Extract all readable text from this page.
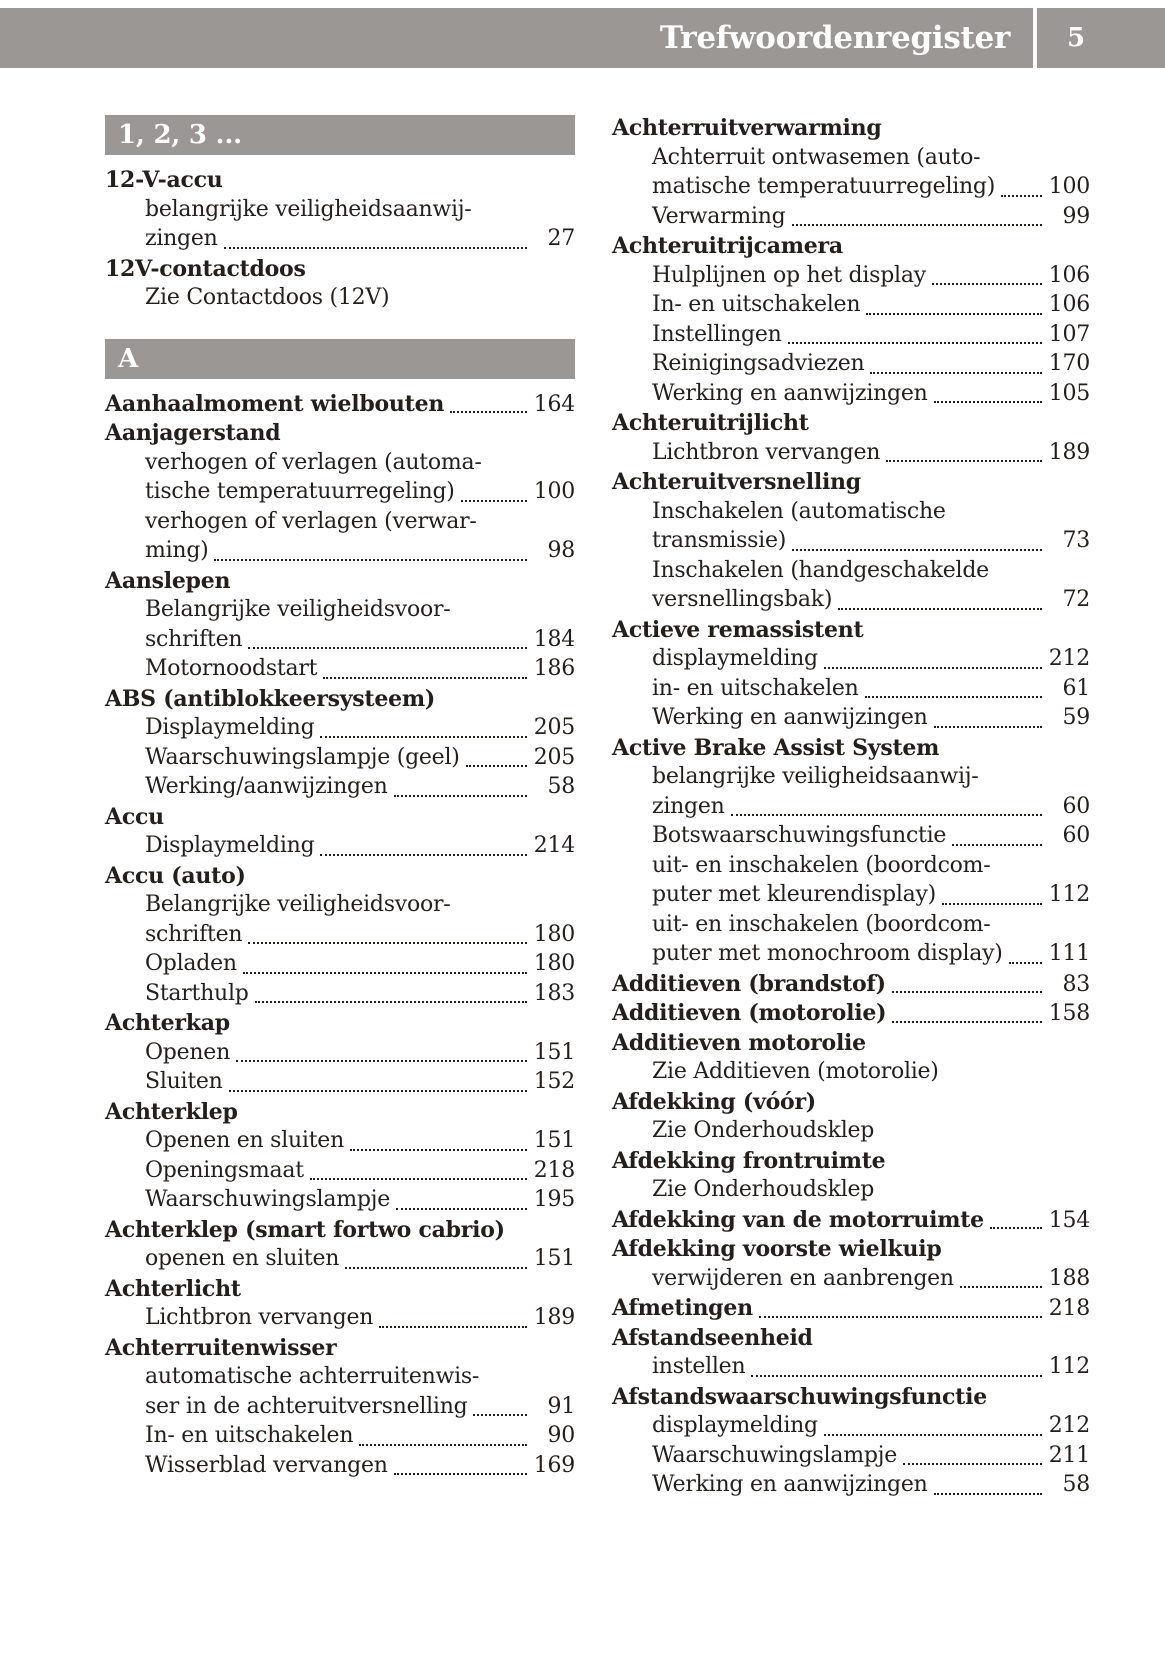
Trefwoordenregister 5
1, 2, 3 ...
12-V-accu
belangrijke veiligheidsaanwij-
zingen	27
12V-contactdoos
Zie Contactdoos (12V)
A
Aanhaalmoment wielbouten	164
Aanjagerstand
verhogen of verlagen (automa-
tische temperatuurregeling)	100
verhogen of verlagen (verwar-
ming)	98
Aanslepen
Belangrijke veiligheidsvoor-
schriften	184
Motornoodstart	186
ABS (antiblokkeersysteem)
Displaymelding	205
Waarschuwingslampje (geel)	205
Werking/aanwijzingen	58
Accu
Displaymelding	214
Accu (auto)
Belangrijke veiligheidsvoor-
schriften	180
Opladen	180
Starthulp	183
Achterkap
Openen	151
Sluiten	152
Achterklep
Openen en sluiten	151
Openingsmaat	218
Waarschuwingslampje	195
Achterklep (smart fortwo cabrio)
openen en sluiten	151
Achterlicht
Lichtbron vervangen	189
Achterruitenwisser
automatische achterruitenwis-
ser in de achteruitversnelling	91
In- en uitschakelen	90
Wisserblad vervangen	169
Achterruitverwarming
Achterruit ontwasemen (auto-
matische temperatuurregeling) 100
Verwarming	99
Achteruitrijcamera
Hulplijnen op het display	106
In- en uitschakelen	106
Instellingen	107
Reinigingsadviezen	170
Werking en aanwijzingen	105
Achteruitrijlicht
Lichtbron vervangen	189
Achteruitversnelling
Inschakelen (automatische
transmissie)	73
Inschakelen (handgeschakelde
versnellingsbak)	72
Actieve remassistent
displaymelding	212
in- en uitschakelen	61
Werking en aanwijzingen	59
Active Brake Assist System
belangrijke veiligheidsaanwij-
zingen	60
Botswaarschuwingsfunctie	60
uit- en inschakelen (boordcom-
puter met kleurendisplay)	112
uit- en inschakelen (boordcom-
puter met monochroom display) 111
Additieven (brandstof)	83
Additieven (motorolie)	158
Additieven motorolie
Zie Additieven (motorolie)
Afdekking (vóór)
Zie Onderhoudsklep
Afdekking frontruimte
Zie Onderhoudsklep
Afdekking van de motorruimte	154
Afdekking voorste wielkuip
verwijderen en aanbrengen	188
Afmetingen	218
Afstandseenheid
instellen	112
Afstandswaarschuwingsfunctie
displaymelding	212
Waarschuwingslampje	211
Werking en aanwijzingen	58
